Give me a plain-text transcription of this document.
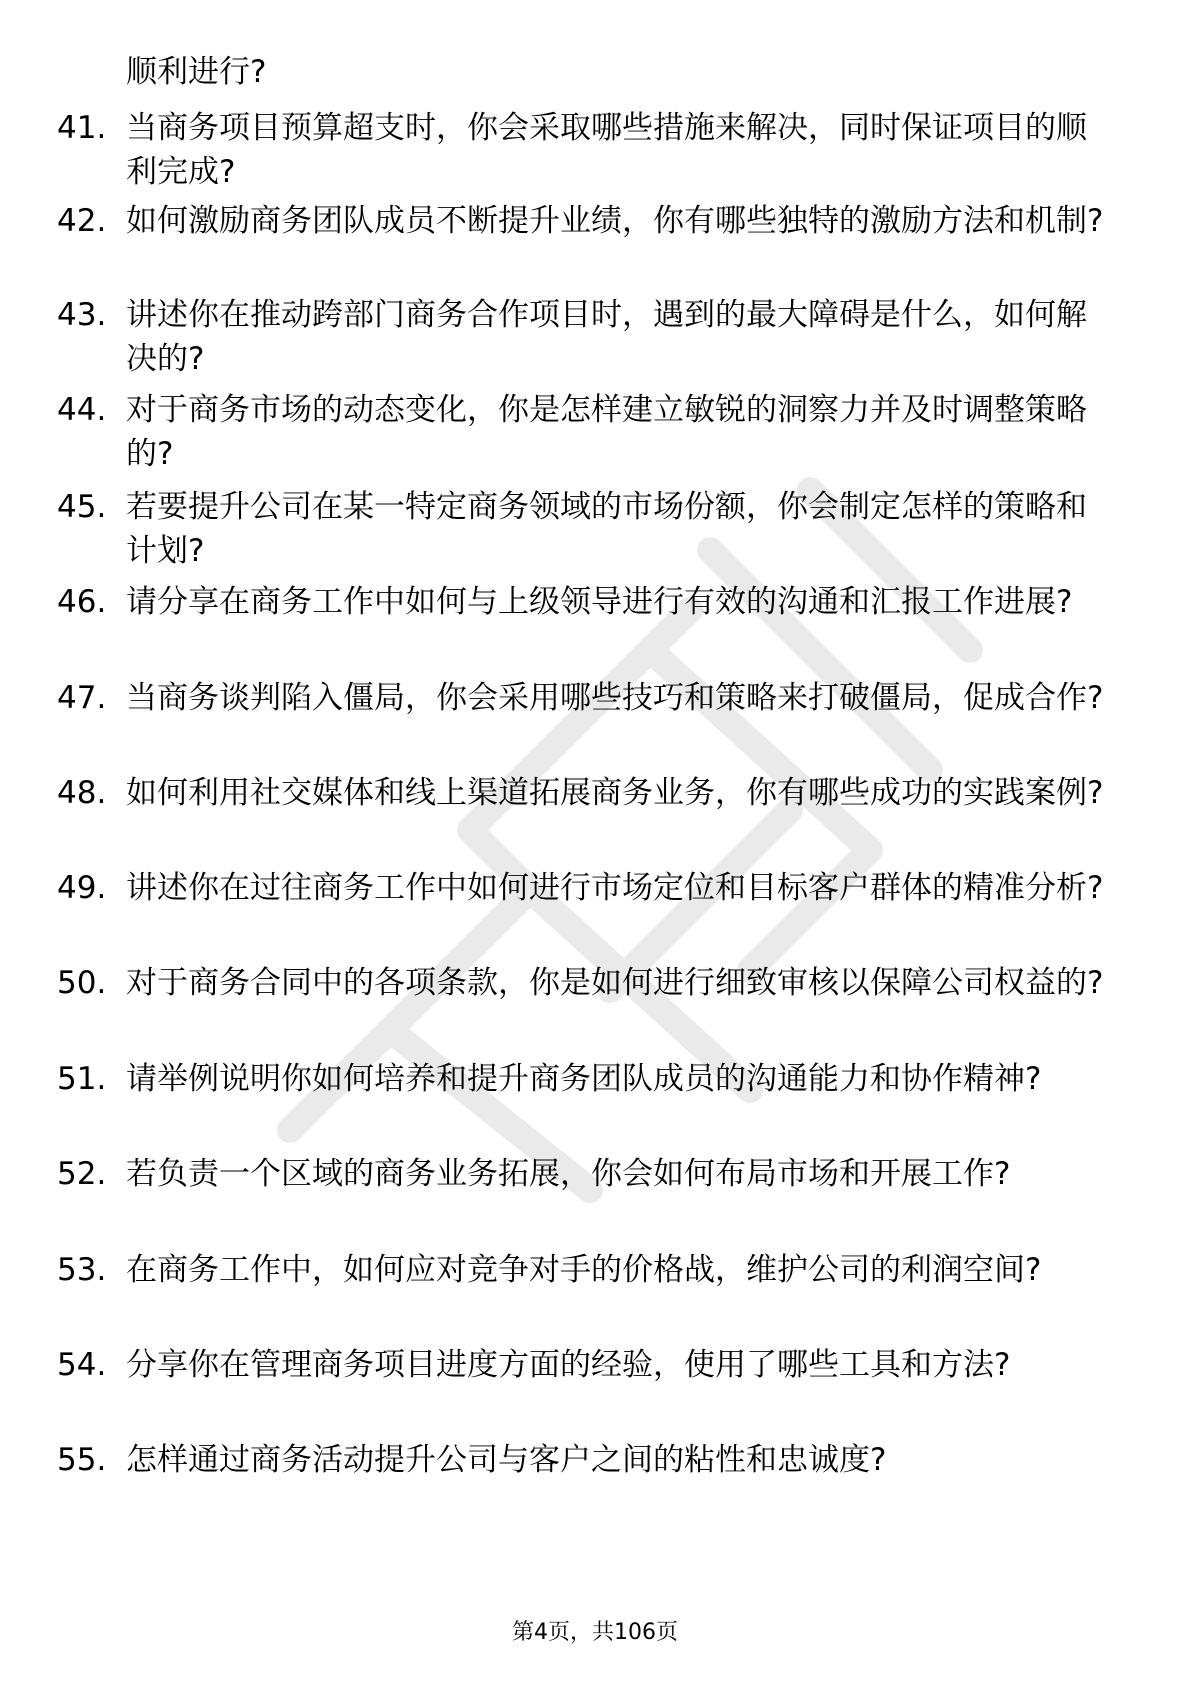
顺利进行?

41. 当商务项目预算超支时，你会采取哪些措施来解决，同时保证项目的顺利完成?
42. 如何激励商务团队成员不断提升业绩，你有哪些独特的激励方法和机制?
43. 讲述你在推动跨部门商务合作项目时，遇到的最大障碍是什么，如何解决的?
44. 对于商务市场的动态变化，你是怎样建立敏锐的洞察力并及时调整策略的?
45. 若要提升公司在某一特定商务领域的市场份额，你会制定怎样的策略和计划?
46. 请分享在商务工作中如何与上级领导进行有效的沟通和汇报工作进展?
47. 当商务谈判陷入僵局，你会采用哪些技巧和策略来打破僵局，促成合作?
48. 如何利用社交媒体和线上渠道拓展商务业务，你有哪些成功的实践案例?
49. 讲述你在过往商务工作中如何进行市场定位和目标客户群体的精准分析?
50. 对于商务合同中的各项条款，你是如何进行细致审核以保障公司权益的?
51. 请举例说明你如何培养和提升商务团队成员的沟通能力和协作精神?
52. 若负责一个区域的商务业务拓展，你会如何布局市场和开展工作?
53. 在商务工作中，如何应对竞争对手的价格战，维护公司的利润空间?
54. 分享你在管理商务项目进度方面的经验，使用了哪些工具和方法?
55. 怎样通过商务活动提升公司与客户之间的粘性和忠诚度?
第4页，共106页
